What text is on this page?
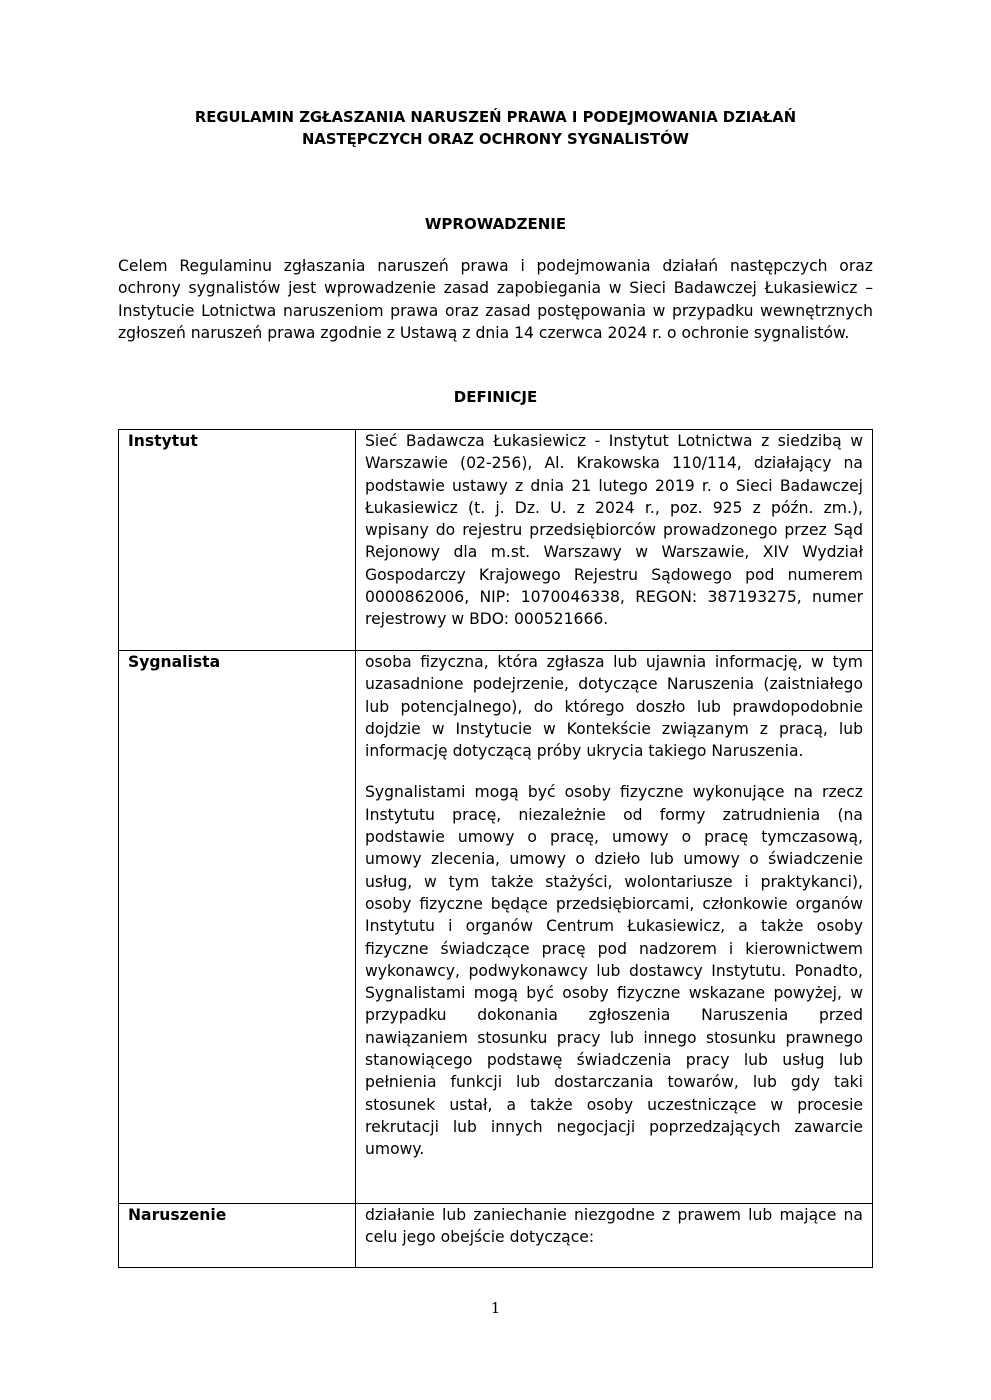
REGULAMIN ZGŁASZANIA NARUSZEŃ PRAWA I PODEJMOWANIA DZIAŁAŃ
NASTĘPCZYCH ORAZ OCHRONY SYGNALISTÓW
WPROWADZENIE

Celem Regulaminu zgłaszania naruszeń prawa i podejmowania działań następczych oraz ochrony sygnalistów jest wprowadzenie zasad zapobiegania w Sieci Badawczej Łukasiewicz – Instytucie Lotnictwa naruszeniom prawa oraz zasad postępowania w przypadku wewnętrznych zgłoszeń naruszeń prawa zgodnie z Ustawą z dnia 14 czerwca 2024 r. o ochronie sygnalistów.

DEFINICJE
Instytut	Sieć Badawcza Łukasiewicz - Instytut Lotnictwa z siedzibą w Warszawie (02-256), Al. Krakowska 110/114, działający na podstawie ustawy z dnia 21 lutego 2019 r. o Sieci Badawczej Łukasiewicz (t. j. Dz. U. z 2024 r., poz. 925 z późn. zm.), wpisany do rejestru przedsiębiorców prowadzonego przez Sąd Rejonowy dla m.st. Warszawy w Warszawie, XIV Wydział Gospodarczy Krajowego Rejestru Sądowego pod numerem 0000862006, NIP: 1070046338, REGON: 387193275, numer rejestrowy w BDO: 000521666.

Sygnalista	osoba fizyczna, która zgłasza lub ujawnia informację, w tym uzasadnione podejrzenie, dotyczące Naruszenia (zaistniałego lub potencjalnego), do którego doszło lub prawdopodobnie dojdzie w Instytucie w Kontekście związanym z pracą, lub informację dotyczącą próby ukrycia takiego Naruszenia.

Sygnalistami mogą być osoby fizyczne wykonujące na rzecz Instytutu pracę, niezależnie od formy zatrudnienia (na podstawie umowy o pracę, umowy o pracę tymczasową, umowy zlecenia, umowy o dzieło lub umowy o świadczenie usług, w tym także stażyści, wolontariusze i praktykanci), osoby fizyczne będące przedsiębiorcami, członkowie organów Instytutu i organów Centrum Łukasiewicz, a także osoby fizyczne świadczące pracę pod nadzorem i kierownictwem wykonawcy, podwykonawcy lub dostawcy Instytutu. Ponadto, Sygnalistami mogą być osoby fizyczne wskazane powyżej, w przypadku dokonania zgłoszenia Naruszenia przed nawiązaniem stosunku pracy lub innego stosunku prawnego stanowiącego podstawę świadczenia pracy lub usług lub pełnienia funkcji lub dostarczania towarów, lub gdy taki stosunek ustał, a także osoby uczestniczące w procesie rekrutacji lub innych negocjacji poprzedzających zawarcie umowy.

Naruszenie	działanie lub zaniechanie niezgodne z prawem lub mające na celu jego obejście dotyczące:

1
